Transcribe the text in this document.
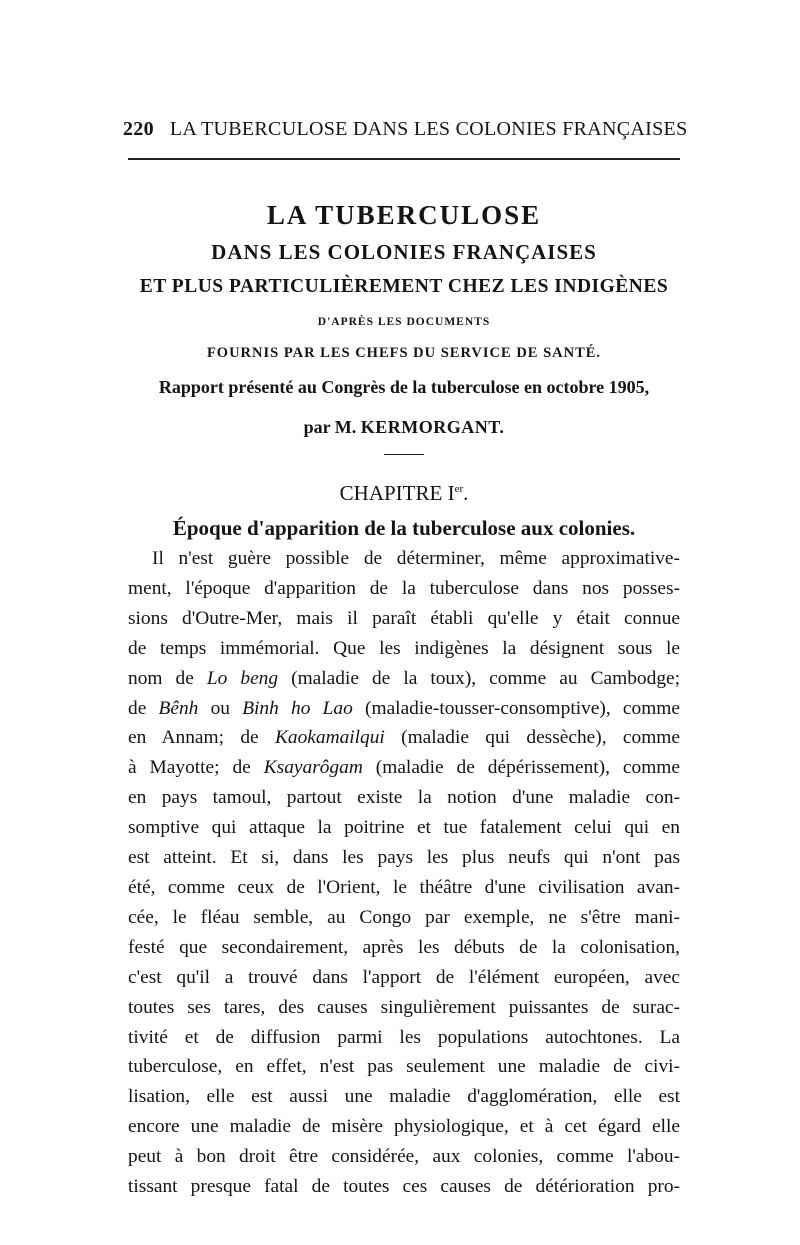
220 LA TUBERCULOSE DANS LES COLONIES FRANÇAISES
LA TUBERCULOSE
DANS LES COLONIES FRANÇAISES
ET PLUS PARTICULIÈREMENT CHEZ LES INDIGÈNES
D'APRÈS LES DOCUMENTS
FOURNIS PAR LES CHEFS DU SERVICE DE SANTÉ.
Rapport présenté au Congrès de la tuberculose en octobre 1905,
par M. KERMORGANT.
CHAPITRE Ier.
Époque d'apparition de la tuberculose aux colonies.
Il n'est guère possible de déterminer, même approximative-
ment, l'époque d'apparition de la tuberculose dans nos posses-
sions d'Outre-Mer, mais il paraît établi qu'elle y était connue
de temps immémorial. Que les indigènes la désignent sous le
nom de Lo beng (maladie de la toux), comme au Cambodge;
de Bênh ou Binh ho Lao (maladie-tousser-consomptive), comme
en Annam; de Kaokamailqui (maladie qui dessèche), comme
à Mayotte; de Ksayarôgam (maladie de dépérissement), comme
en pays tamoul, partout existe la notion d'une maladie con-
somptive qui attaque la poitrine et tue fatalement celui qui en
est atteint. Et si, dans les pays les plus neufs qui n'ont pas
été, comme ceux de l'Orient, le théâtre d'une civilisation avan-
cée, le fléau semble, au Congo par exemple, ne s'être mani-
festé que secondairement, après les débuts de la colonisation,
c'est qu'il a trouvé dans l'apport de l'élément européen, avec
toutes ses tares, des causes singulièrement puissantes de surac-
tivité et de diffusion parmi les populations autochtones. La
tuberculose, en effet, n'est pas seulement une maladie de civi-
lisation, elle est aussi une maladie d'agglomération, elle est
encore une maladie de misère physiologique, et à cet égard elle
peut à bon droit être considérée, aux colonies, comme l'abou-
tissant presque fatal de toutes ces causes de détérioration pro-
